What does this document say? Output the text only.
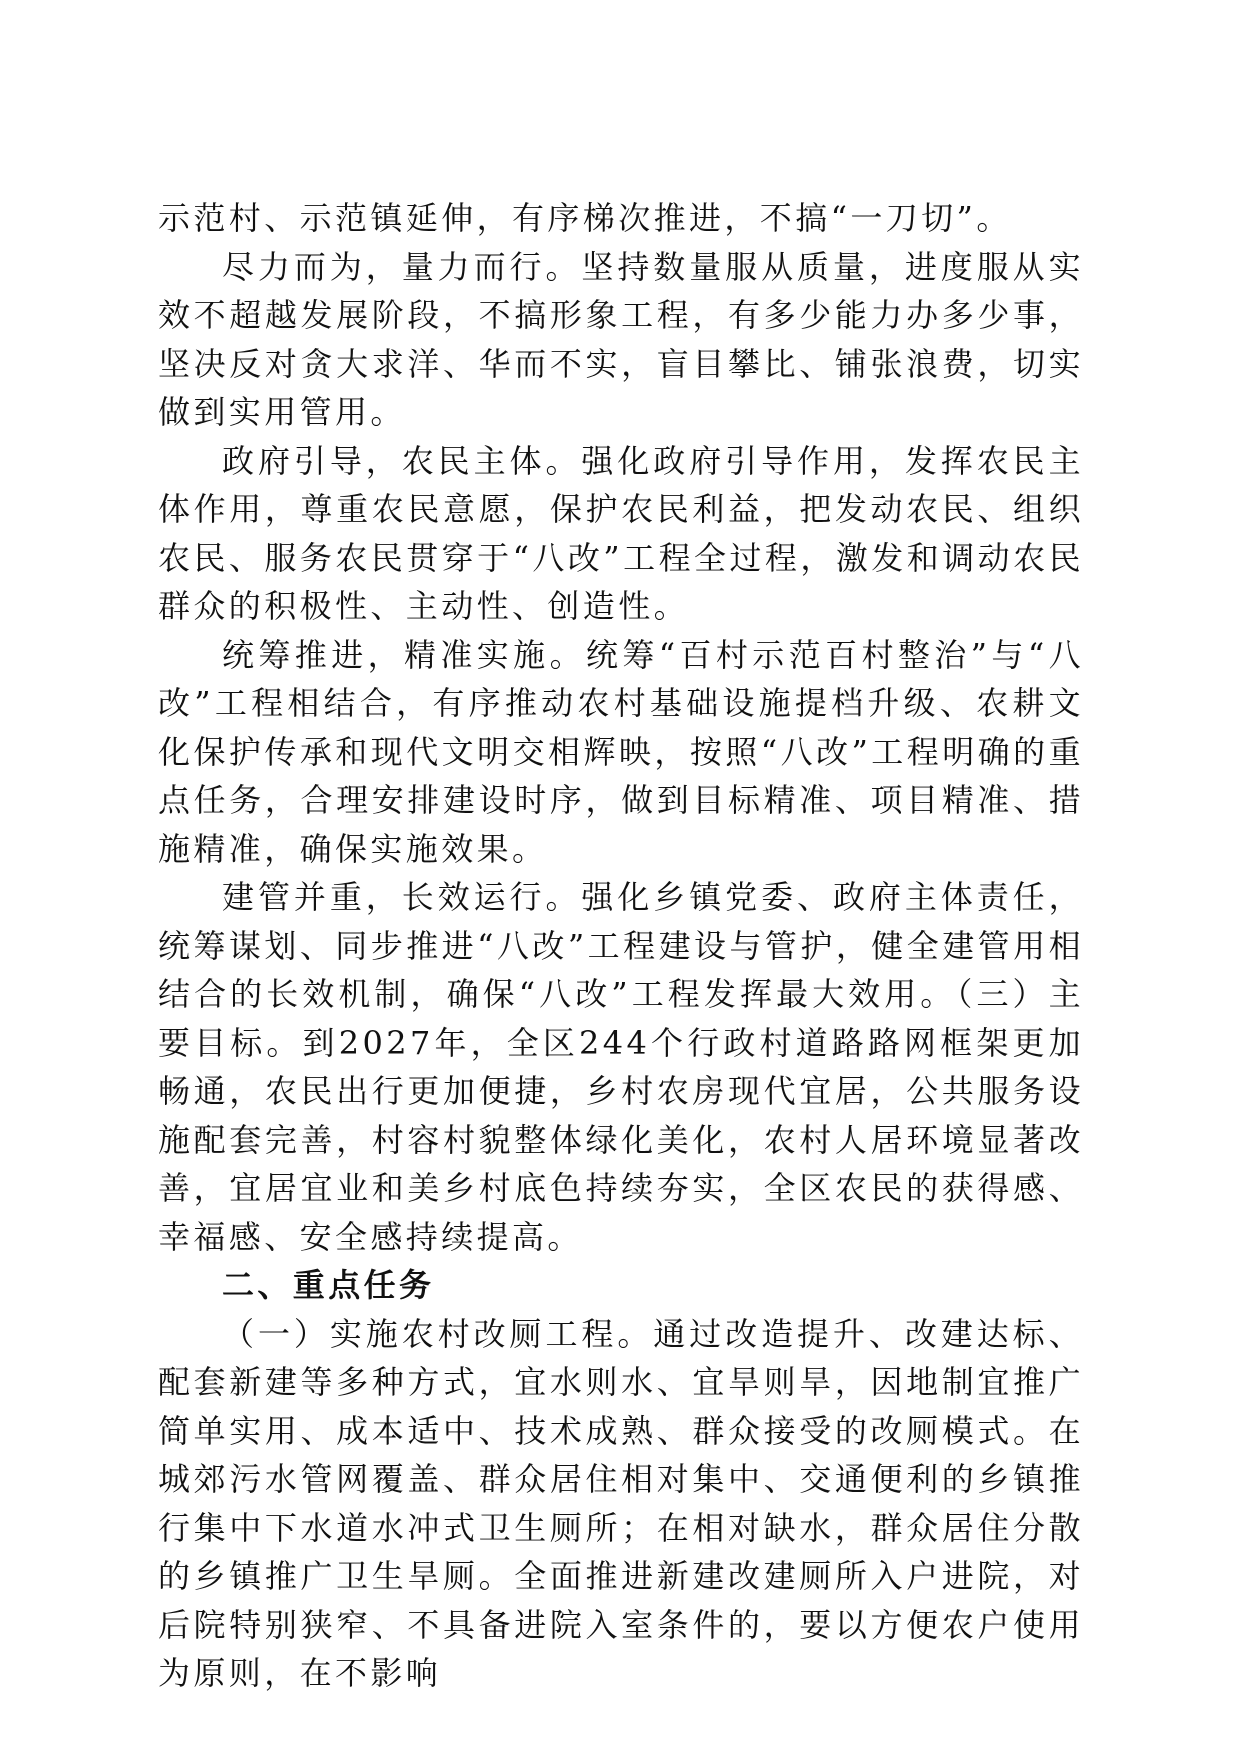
示范村、示范镇延伸，有序梯次推进，不搞“一刀切”。

尽力而为，量力而行。坚持数量服从质量，进度服从实效不超越发展阶段，不搞形象工程，有多少能力办多少事，坚决反对贪大求洋、华而不实，盲目攀比、铺张浪费，切实做到实用管用。

政府引导，农民主体。强化政府引导作用，发挥农民主体作用，尊重农民意愿，保护农民利益，把发动农民、组织农民、服务农民贯穿于“八改”工程全过程，激发和调动农民群众的积极性、主动性、创造性。

统筹推进，精准实施。统筹“百村示范百村整治”与“八改”工程相结合，有序推动农村基础设施提档升级、农耕文化保护传承和现代文明交相辉映，按照“八改”工程明确的重点任务，合理安排建设时序，做到目标精准、项目精准、措施精准，确保实施效果。

建管并重，长效运行。强化乡镇党委、政府主体责任，统筹谋划、同步推进“八改”工程建设与管护，健全建管用相结合的长效机制，确保“八改”工程发挥最大效用。（三）主要目标。到2027年，全区244个行政村道路路网框架更加畅通，农民出行更加便捷，乡村农房现代宜居，公共服务设施配套完善，村容村貌整体绿化美化，农村人居环境显著改善，宜居宜业和美乡村底色持续夯实，全区农民的获得感、幸福感、安全感持续提高。

二、重点任务

（一）实施农村改厕工程。通过改造提升、改建达标、配套新建等多种方式，宜水则水、宜旱则旱，因地制宜推广简单实用、成本适中、技术成熟、群众接受的改厕模式。在城郊污水管网覆盖、群众居住相对集中、交通便利的乡镇推行集中下水道水冲式卫生厕所；在相对缺水，群众居住分散的乡镇推广卫生旱厕。全面推进新建改建厕所入户进院，对后院特别狭窄、不具备进院入室条件的，要以方便农户使用为原则，在不影响
